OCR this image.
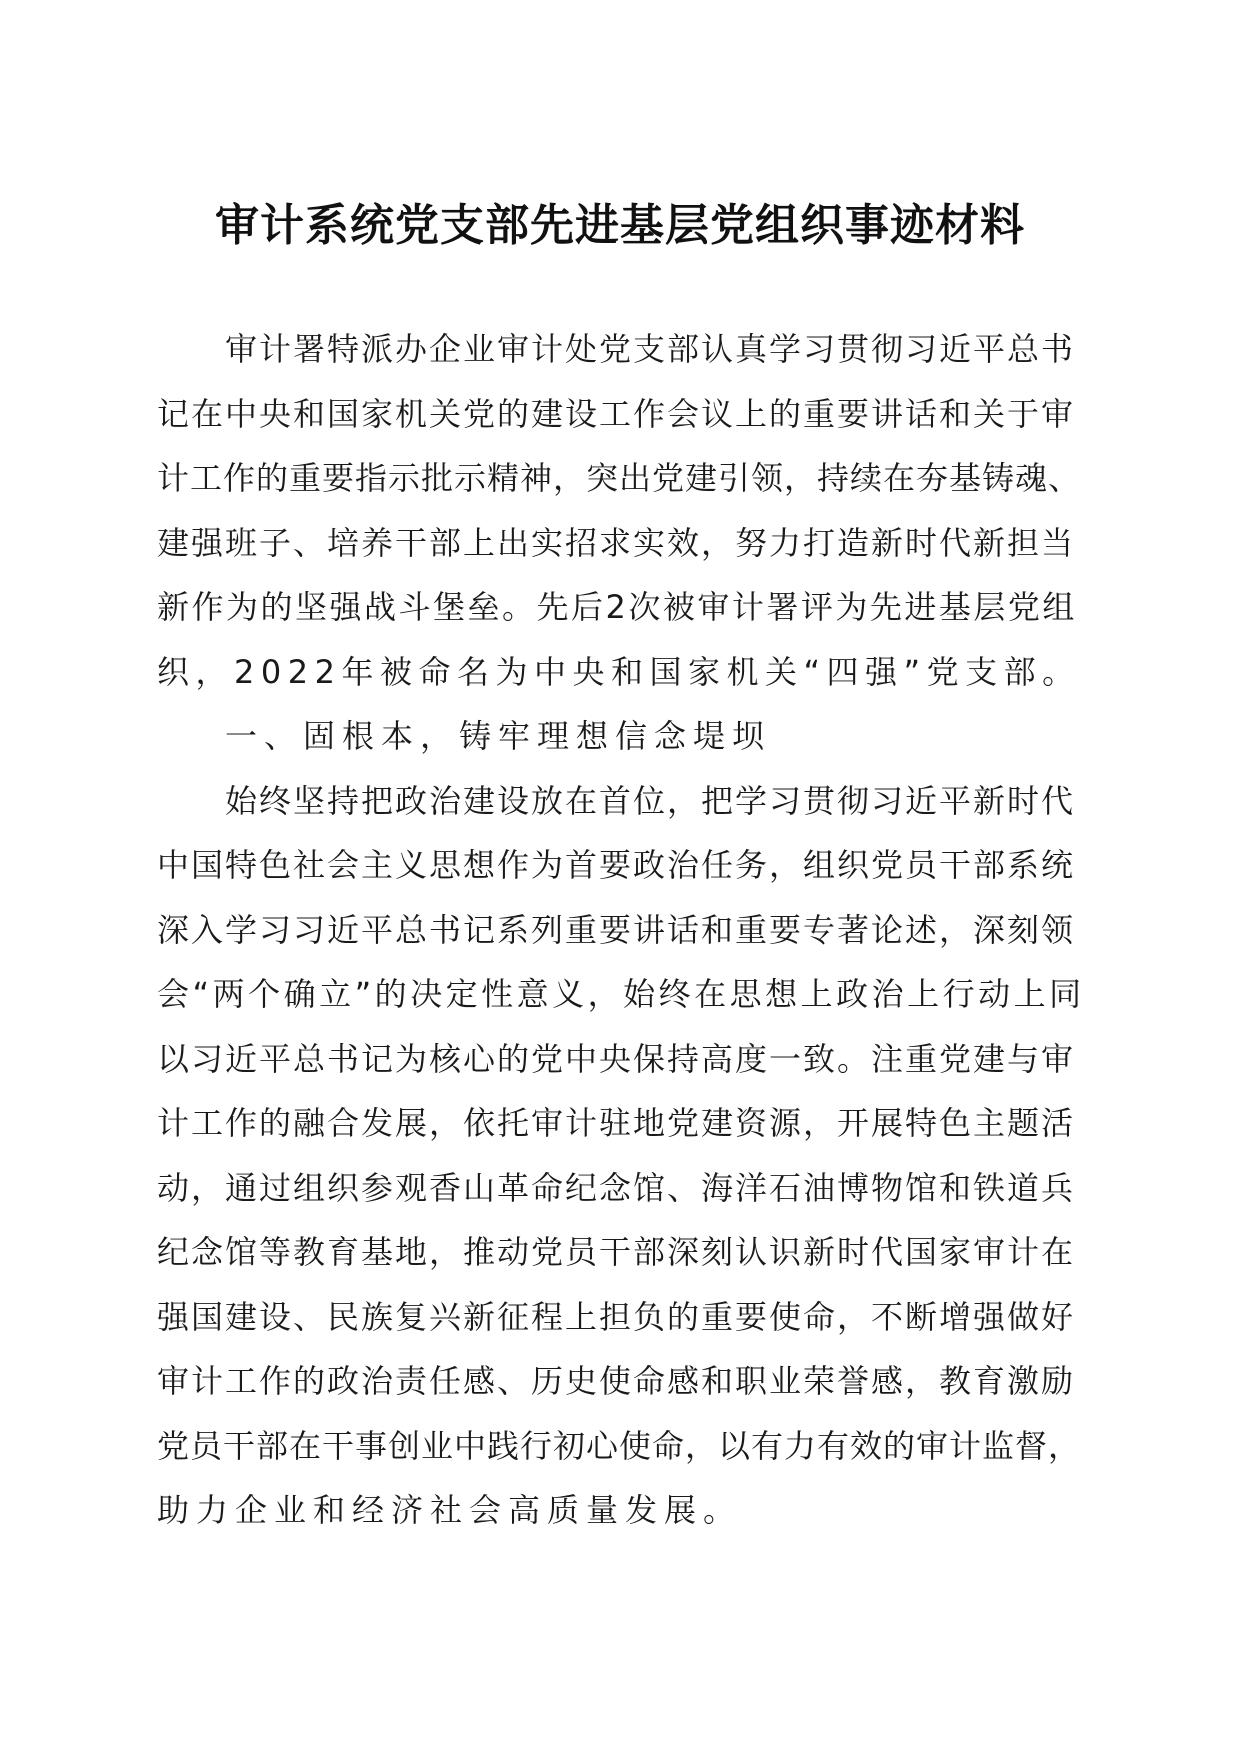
审计系统党支部先进基层党组织事迹材料
审计署特派办企业审计处党支部认真学习贯彻习近平总书
记在中央和国家机关党的建设工作会议上的重要讲话和关于审
计工作的重要指示批示精神，突出党建引领，持续在夯基铸魂、
建强班子、培养干部上出实招求实效，努力打造新时代新担当
新作为的坚强战斗堡垒。先后2次被审计署评为先进基层党组
织，2022年被命名为中央和国家机关“四强”党支部。
一、固根本，铸牢理想信念堤坝
始终坚持把政治建设放在首位，把学习贯彻习近平新时代
中国特色社会主义思想作为首要政治任务，组织党员干部系统
深入学习习近平总书记系列重要讲话和重要专著论述，深刻领
会“两个确立”的决定性意义，始终在思想上政治上行动上同
以习近平总书记为核心的党中央保持高度一致。注重党建与审
计工作的融合发展，依托审计驻地党建资源，开展特色主题活
动，通过组织参观香山革命纪念馆、海洋石油博物馆和铁道兵
纪念馆等教育基地，推动党员干部深刻认识新时代国家审计在
强国建设、民族复兴新征程上担负的重要使命，不断增强做好
审计工作的政治责任感、历史使命感和职业荣誉感，教育激励
党员干部在干事创业中践行初心使命，以有力有效的审计监督，
助力企业和经济社会高质量发展。
